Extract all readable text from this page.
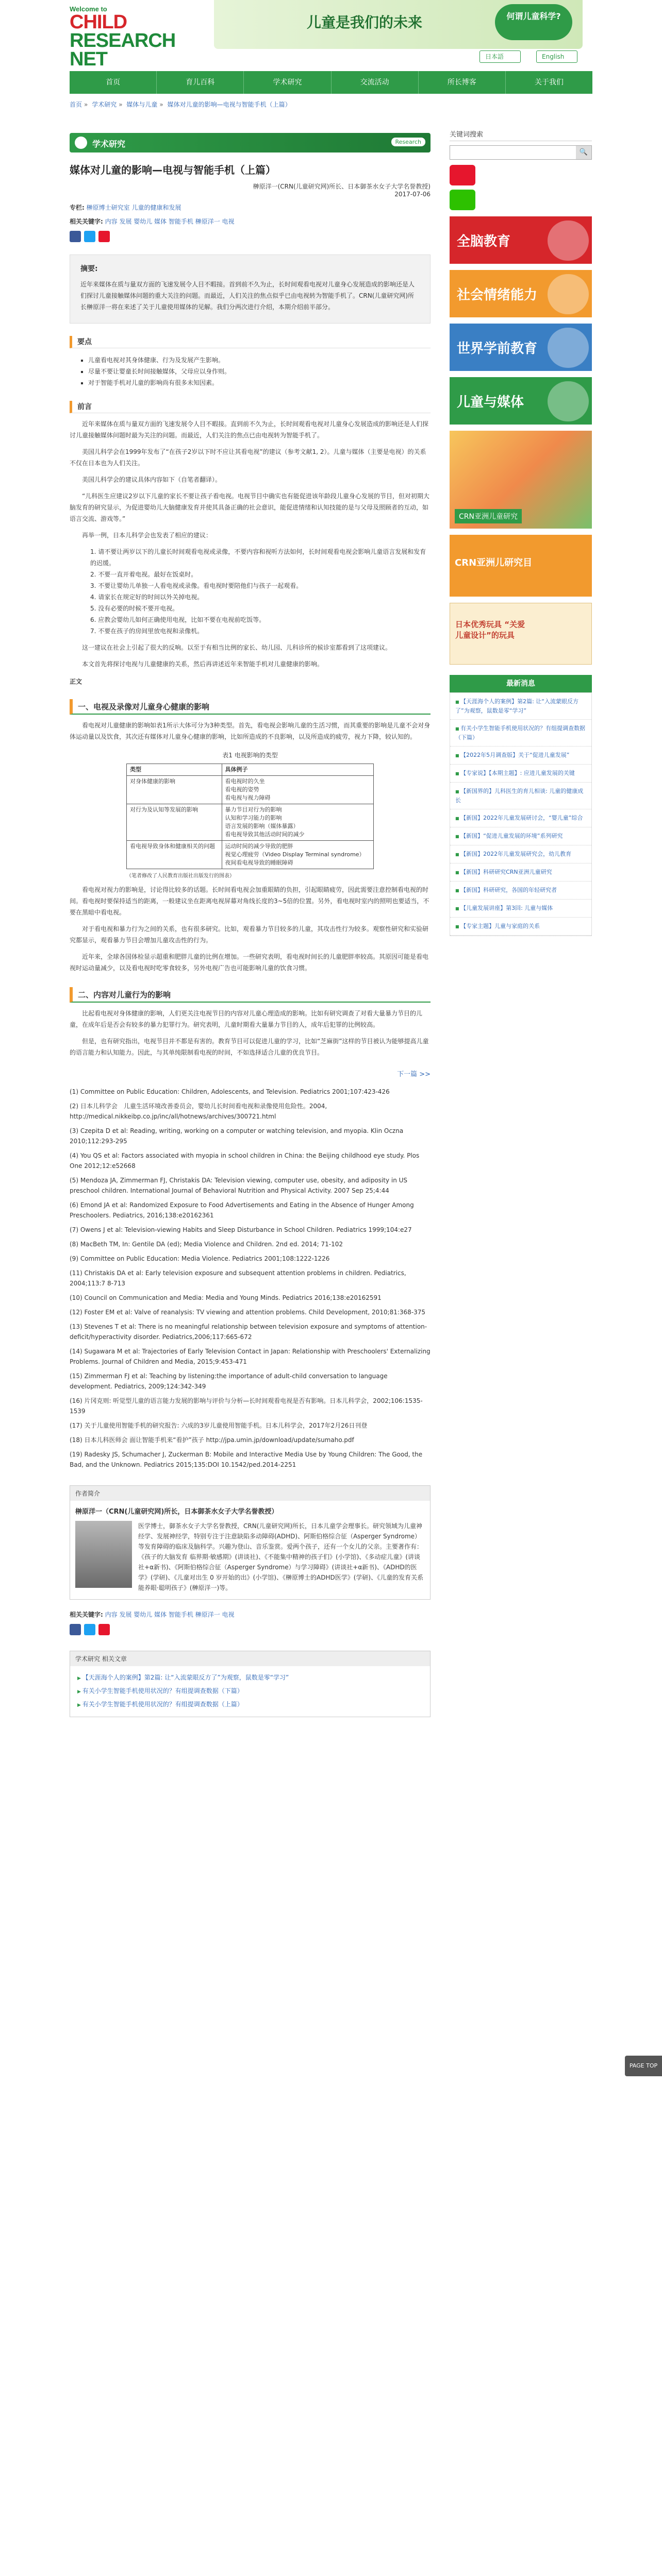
Welcome to
CHILD
RESEARCH
NET
儿童是我们的未来	何谓儿童科学?
日本語	English
首页	育儿百科	学术研究	交流活动	所长博客	关于我们
首页 » 学术研究 » 媒体与儿童 » 媒体对儿童的影响—电视与智能手机（上篇）
学术研究	Research
媒体对儿童的影响—电视与智能手机（上篇）
榊原洋一(CRN(儿童研究网)所长、日本御茶水女子大学名誉教授)
2017-07-06
专栏: 榊原博士研究室 儿童的健康和发展
相关关键字: 内容 发展 婴幼儿 媒体 智能手机 榊原洋一 电视
摘要:

近年来媒体在质与量双方面的飞速发展令人目不暇接。首到前不久为止，长时间观看电视对儿童身心发展造成的影响还是人们探讨儿童接触媒体问题的重大关注的问题。而最近，人们关注的焦点似乎已由电视转为智能手机了。CRN(儿童研究网)所长榊原洋一将在来述了关于儿童使用媒体的见解。我们分两次进行介绍，本期介绍前半部分。

要点
▪ 儿童看电视对其身体健康、行为及发展产生影响。
▪ 尽量不要让婴童长时间接触媒体，父母应以身作则。
▪ 对于智能手机对儿童的影响尚有很多未知因素。
前言

近年来媒体在质与量双方面的飞速发展令人目不暇接。直到前不久为止，长时间观看电视对儿童身心发展造成的影响还是人们探讨儿童接触媒体问题时最为关注的问题。而最近，人们关注的焦点已由电视转为智能手机了。

美国儿科学会在1999年发布了“在孩子2岁以下时不应让其看电视”的建议（参考文献1, 2）。儿童与媒体（主要是电视）的关系不仅在日本也为人们关注。

美国儿科学会的建议具体内容如下（自笔者翻译）。

“儿科医生应建议2岁以下儿童的家长不要让孩子看电视。电视节目中确实也有能促进该年龄段儿童身心发展的节目，但对初期大脑发育的研究显示，为促进婴幼儿大脑健康发育并使其具备正确的社会意识，能促进情绪和认知技能的是与父母及照顾者的互动，如语言交流、游戏等。”

再举一例，日本儿科学会也发表了相应的建议：

1. 请不要让两岁以下的儿童长时间观看电视或录像，不要内容和视听方法如何，长时间观看电视会影响儿童语言发展和发育的迟缓。
2. 不要一直开着电视。最好在饭桌时。
3. 不要让婴幼儿单独一人看电视或录像。看电视时要陪他们与孩子一起观看。
4. 请家长在规定好的时间以外关掉电视。
5. 没有必要的时候不要开电视。
6. 应教会婴幼儿如何正确使用电视，比如不要在电视前吃饭等。
7. 不要在孩子的房间里放电视和录像机。

这一建议在社会上引起了很大的反响。以至于有相当比例的家长、幼儿园、儿科诊所的候诊室都看到了这项建议。

本文首先将探讨电视与儿童健康的关系，然后再讲述近年来智能手机对儿童健康的影响。

正文
一、电视及录像对儿童身心健康的影响

看电视对儿童健康的影响如表1所示大体可分为3种类型。首先，看电视会影响儿童的生活习惯，而其重要的影响是儿童不会对身体运动量以及饮食，其次还有媒体对儿童身心健康的影响，比如所造成的不良影响，以及所造成的疲劳，视力下降，较认知的。

表1 电视影响的类型
类型	具体例子
对身体健康的影响	看电视时的久坐
看电视的姿势
看电视与视力障碍
对行为及认知等发展的影响	暴力节目对行为的影响
认知和学习能力的影响
语言发展的影响（媒体暴露）
看电视导致其他活动时间的减少
看电视导致身体和健康相关的问题	运动时间的减少导致的肥胖
视觉心理疲劳（Video Display Terminal syndrome）
夜间看电视导致的睡眠障碍
（笔者修改了人民教育出版社出版发行的图表）

看电视对视力的影响是，讨论得比较多的话题。长时间看电视会加重眼睛的负担，引起眼睛疲劳，因此需要注意控制看电视的时间。看电视时要保持适当的距离，一般建议坐在距离电视屏幕对角线长度的3~5倍的位置。另外，看电视时室内的照明也要适当，不要在黑暗中看电视。

对于看电视和暴力行为之间的关系，也有很多研究。比如，观看暴力节目较多的儿童，其攻击性行为较多。观察性研究和实验研究都显示，观看暴力节目会增加儿童攻击性的行为。

近年来，全球各国体检显示超重和肥胖儿童的比例在增加。一些研究表明，看电视时间长的儿童肥胖率较高。其原因可能是看电视时运动量减少，以及看电视时吃零食较多，另外电视广告也可能影响儿童的饮食习惯。

二、内容对儿童行为的影响

比起看电视对身体健康的影响，人们更关注电视节目的内容对儿童心理造成的影响。比如有研究调查了对看大量暴力节目的儿童，在成年后是否会有较多的暴力犯罪行为。研究表明，儿童时期看大量暴力节目的人，成年后犯罪的比例较高。

但是，也有研究指出，电视节目并不都是有害的。教育节目可以促进儿童的学习，比如“芝麻街”这样的节目被认为能够提高儿童的语言能力和认知能力。因此，与其单纯限制看电视的时间，不如选择适合儿童的优良节目。

下一篇 >>

(1) Committee on Public Education: Children, Adolescents, and Television. Pediatrics 2001;107:423-426

(2) 日本儿科学会　儿童生活环境改善委员会，婴幼儿长时间看电视和录像使用危险性。2004, http://medical.nikkeibp.co.jp/inc/all/hotnews/archives/300721.html

(3) Czepita D et al: Reading, writing, working on a computer or watching television, and myopia. Klin Oczna 2010;112:293-295

(4) You QS et al: Factors associated with myopia in school children in China: the Beijing childhood eye study. Plos One 2012;12:e52668

(5) Mendoza JA, Zimmerman FJ, Christakis DA: Television viewing, computer use, obesity, and adiposity in US preschool children. International Journal of Behavioral Nutrition and Physical Activity. 2007 Sep 25;4:44

(6) Emond JA et al: Randomized Exposure to Food Advertisements and Eating in the Absence of Hunger Among Preschoolers. Pediatrics, 2016;138:e20162361

(7) Owens J et al: Television-viewing Habits and Sleep Disturbance in School Children. Pediatrics 1999;104:e27

(8) MacBeth TM, In: Gentile DA (ed); Media Violence and Children. 2nd ed. 2014; 71-102

(9) Committee on Public Education: Media Violence. Pediatrics 2001;108:1222-1226

(11) Christakis DA et al: Early television exposure and subsequent attention problems in children. Pediatrics, 2004;113:7 8-713

(10) Council on Communication and Media: Media and Young Minds. Pediatrics 2016;138:e20162591

(12) Foster EM et al: Valve of reanalysis: TV viewing and attention problems. Child Development, 2010;81:368-375

(13) Stevenes T et al: There is no meaningful relationship between television exposure and symptoms of attention-deficit/hyperactivity disorder. Pediatrics,2006;117:665-672

(14) Sugawara M et al: Trajectories of Early Television Contact in Japan: Relationship with Preschoolers' Externalizing Problems. Journal of Children and Media, 2015;9:453-471

(15) Zimmerman FJ et al: Teaching by listening:the importance of adult-child conversation to language development. Pediatrics, 2009;124:342-349

(16) 片冈克则: 听觉型儿童的语言能力发展的影响与评价与分析—长时间观看电视是否有影响。日本儿科学会，2002;106:1535-1539

(17) 关于儿童使用智能手机的研究报告: 六成的3岁儿童使用智能手机。日本儿科学会，2017年2月26日刊登

(18) 日本儿科医师会 面让智能手机来“看护”孩子 http://jpa.umin.jp/download/update/sumaho.pdf

(19) Radesky JS, Schumacher J, Zuckerman B: Mobile and Interactive Media Use by Young Children: The Good, the Bad, and the Unknown. Pediatrics 2015;135:DOI 10.1542/ped.2014-2251

作者简介
榊原洋一（CRN(儿童研究网)所长，日本御茶水女子大学名誉教授）
医学博士，御茶水女子大学名誉教授，CRN(儿童研究网)所长，日本儿童学会理事长。研究领域为儿童神经学、发展神经学，特别专注于注意缺陷多动障碍(ADHD)、阿斯伯格综合征（Asperger Syndrome）等发育障碍的临床及脑科学。兴趣为登山、音乐鉴赏。爱两个孩子，还有一个女儿的父亲。主要著作有：《孩子的大脑发育 临界期·敏感期》(讲谈社)、《不能集中精神的孩子们》(小学馆)、《多动症儿童》(讲谈社+α新书)、《阿斯伯格综合征（Asperger Syndrome）与学习障碍》(讲谈社+α新书)、《ADHD的医学》(学研)、《儿童对出生 0 岁开始的出》(小学馆)、《榊原博士的ADHD医学》(学研)、《儿童的发育关系 能养眼·聪明孩子》(榊原洋一)等。
相关关键字: 内容 发展 婴幼儿 媒体 智能手机 榊原洋一 电视
学术研究 相关文章
▶ 【天涯海个人的案例】第2篇: 让“入流蒙眼反方了”为观察，鼠数是零“学习”
▶ 有关小学生智能手机使用状况的？有组提调查数据（下篇）
▶ 有关小学生智能手机使用状况的？有组提调查数据（上篇）
关键词搜索
🔍
全脑教育
社会情绪能力
世界学前教育
儿童与媒体
CRN亚洲儿童研究
CRN亚洲儿研究目
日本优秀玩具 “关爱儿童设计”的玩具
最新消息
■ 【天涯海个人的案例】第2篇: 让“入流蒙眼反方了”为观察，鼠数是零“学习”
■ 有关小学生智能手机使用状况的？有组提调查数据（下篇）
■ 【2022年5月调查版】关于“促进儿童发展”
■ 【专家说】【本期主题】: 应进儿童发展的关键
■ 【新国界的】儿科医生的育儿相谈: 儿童的健康成长
■ 【新国】2022年儿童发展研讨会，“婴儿童”综合
■ 【新国】“促进儿童发展的环境”系列研究
■ 【新国】2022年儿童发展研究会，幼儿教育
■ 【新国】科研研究CRN亚洲儿童研究
■ 【新国】科研研究，各国的年轻研究者
■ 【儿童发展讲座】第3回: 儿童与媒体
■ 【专家主题】儿童与家庭的关系
PAGE TOP
